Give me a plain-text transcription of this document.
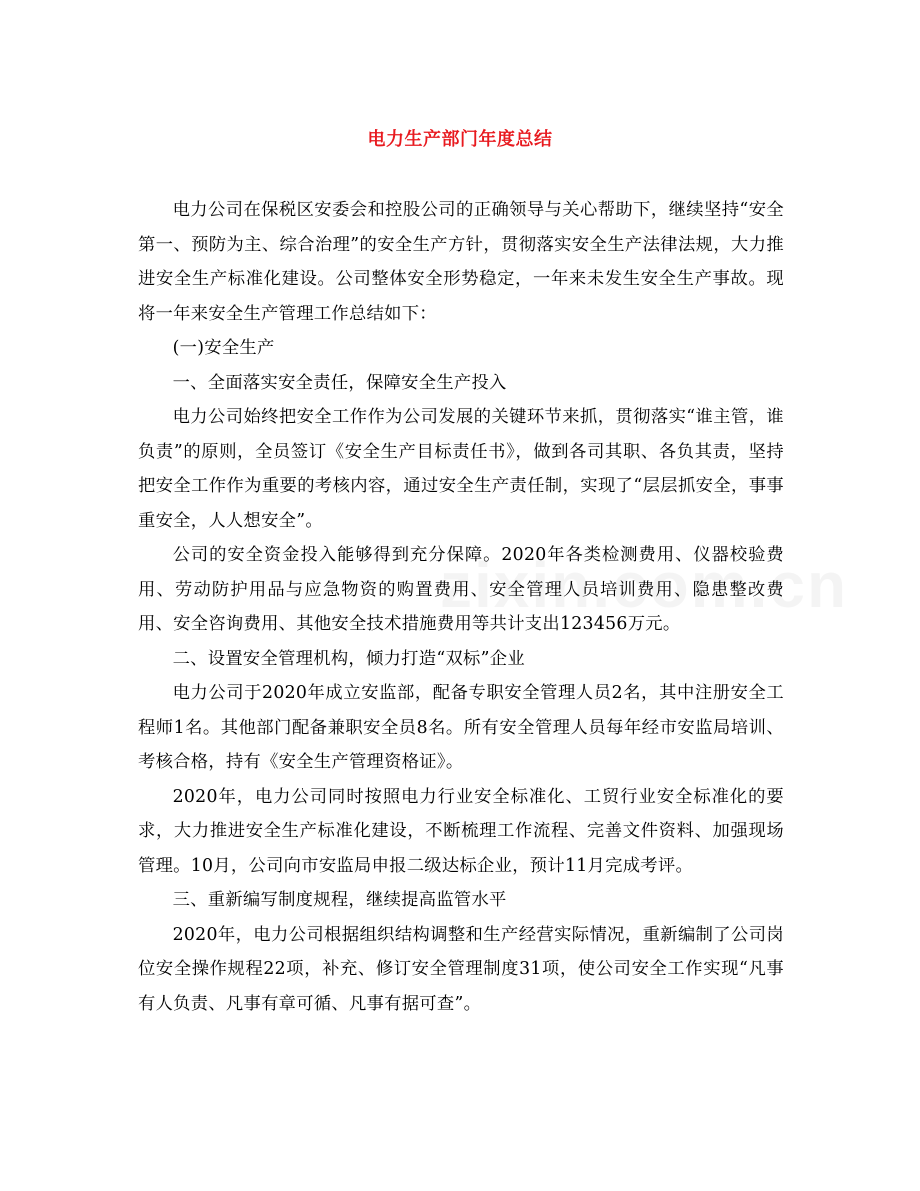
电力生产部门年度总结

电力公司在保税区安委会和控股公司的正确领导与关心帮助下，继续坚持“安全第一、预防为主、综合治理”的安全生产方针，贯彻落实安全生产法律法规，大力推进安全生产标准化建设。公司整体安全形势稳定，一年来未发生安全生产事故。现将一年来安全生产管理工作总结如下：

(一)安全生产

一、全面落实安全责任，保障安全生产投入

电力公司始终把安全工作作为公司发展的关键环节来抓，贯彻落实“谁主管，谁负责”的原则，全员签订《安全生产目标责任书》，做到各司其职、各负其责，坚持把安全工作作为重要的考核内容，通过安全生产责任制，实现了“层层抓安全，事事重安全，人人想安全”。

公司的安全资金投入能够得到充分保障。2020年各类检测费用、仪器校验费用、劳动防护用品与应急物资的购置费用、安全管理人员培训费用、隐患整改费用、安全咨询费用、其他安全技术措施费用等共计支出123456万元。

二、设置安全管理机构，倾力打造“双标”企业

电力公司于2020年成立安监部，配备专职安全管理人员2名，其中注册安全工程师1名。其他部门配备兼职安全员8名。所有安全管理人员每年经市安监局培训、考核合格，持有《安全生产管理资格证》。

2020年，电力公司同时按照电力行业安全标准化、工贸行业安全标准化的要求，大力推进安全生产标准化建设，不断梳理工作流程、完善文件资料、加强现场管理。10月，公司向市安监局申报二级达标企业，预计11月完成考评。

三、重新编写制度规程，继续提高监管水平

2020年，电力公司根据组织结构调整和生产经营实际情况，重新编制了公司岗位安全操作规程22项，补充、修订安全管理制度31项，使公司安全工作实现“凡事有人负责、凡事有章可循、凡事有据可查”。
